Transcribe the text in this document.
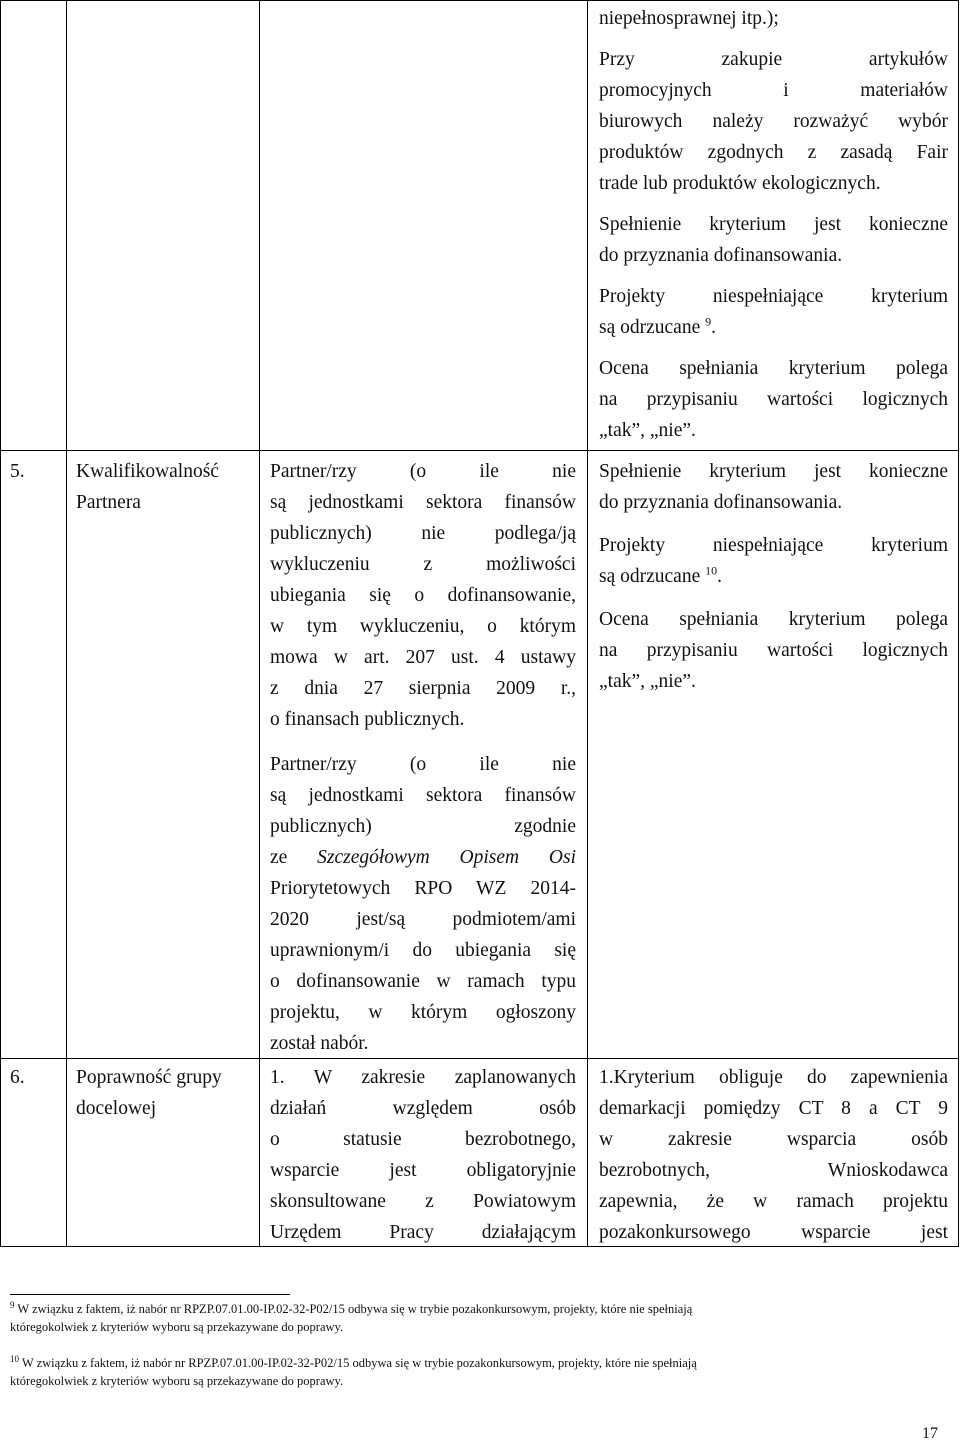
niepełnosprawnej itp.);
Przy zakupie artykułów
promocyjnych i materiałów
biurowych należy rozważyć wybór
produktów zgodnych z zasadą Fair
trade lub produktów ekologicznych.
Spełnienie kryterium jest konieczne
do przyznania dofinansowania.
Projekty niespełniające kryterium
są odrzucane $^9$.
Ocena spełniania kryterium polega
na przypisaniu wartości logicznych
„tak”, „nie”.
5.	Kwalifikowalność Partnera
Partner/rzy (o ile nie
są jednostkami sektora finansów
publicznych) nie podlega/ją
wykluczeniu z możliwości
ubiegania się o dofinansowanie,
w tym wykluczeniu, o którym
mowa w art. 207 ust. 4 ustawy
z dnia 27 sierpnia 2009 r.,
o finansach publicznych.
Partner/rzy (o ile nie
są jednostkami sektora finansów
publicznych) zgodnie
ze Szczegółowym Opisem Osi
Priorytetowych RPO WZ 2014-
2020 jest/są podmiotem/ami
uprawnionym/i do ubiegania się
o dofinansowanie w ramach typu
projektu, w którym ogłoszony
został nabór.
Spełnienie kryterium jest konieczne
do przyznania dofinansowania.
Projekty niespełniające kryterium
są odrzucane $^{10}$.
Ocena spełniania kryterium polega
na przypisaniu wartości logicznych
„tak”, „nie”.
6.	Poprawność grupy docelowej
1. W zakresie zaplanowanych
działań względem osób
o statusie bezrobotnego,
wsparcie jest obligatoryjnie
skonsultowane z Powiatowym
Urzędem Pracy działającym
1.Kryterium obliguje do zapewnienia
demarkacji pomiędzy CT 8 a CT 9
w zakresie wsparcia osób
bezrobotnych, Wnioskodawca
zapewnia, że w ramach projektu
pozakonkursowego wsparcie jest
$^9$ W związku z faktem, iż nabór nr RPZP.07.01.00-IP.02-32-P02/15 odbywa się w trybie pozakonkursowym, projekty, które nie spełniają
któregokolwiek z kryteriów wyboru są przekazywane do poprawy.
$^{10}$ W związku z faktem, iż nabór nr RPZP.07.01.00-IP.02-32-P02/15 odbywa się w trybie pozakonkursowym, projekty, które nie spełniają
któregokolwiek z kryteriów wyboru są przekazywane do poprawy.
17
